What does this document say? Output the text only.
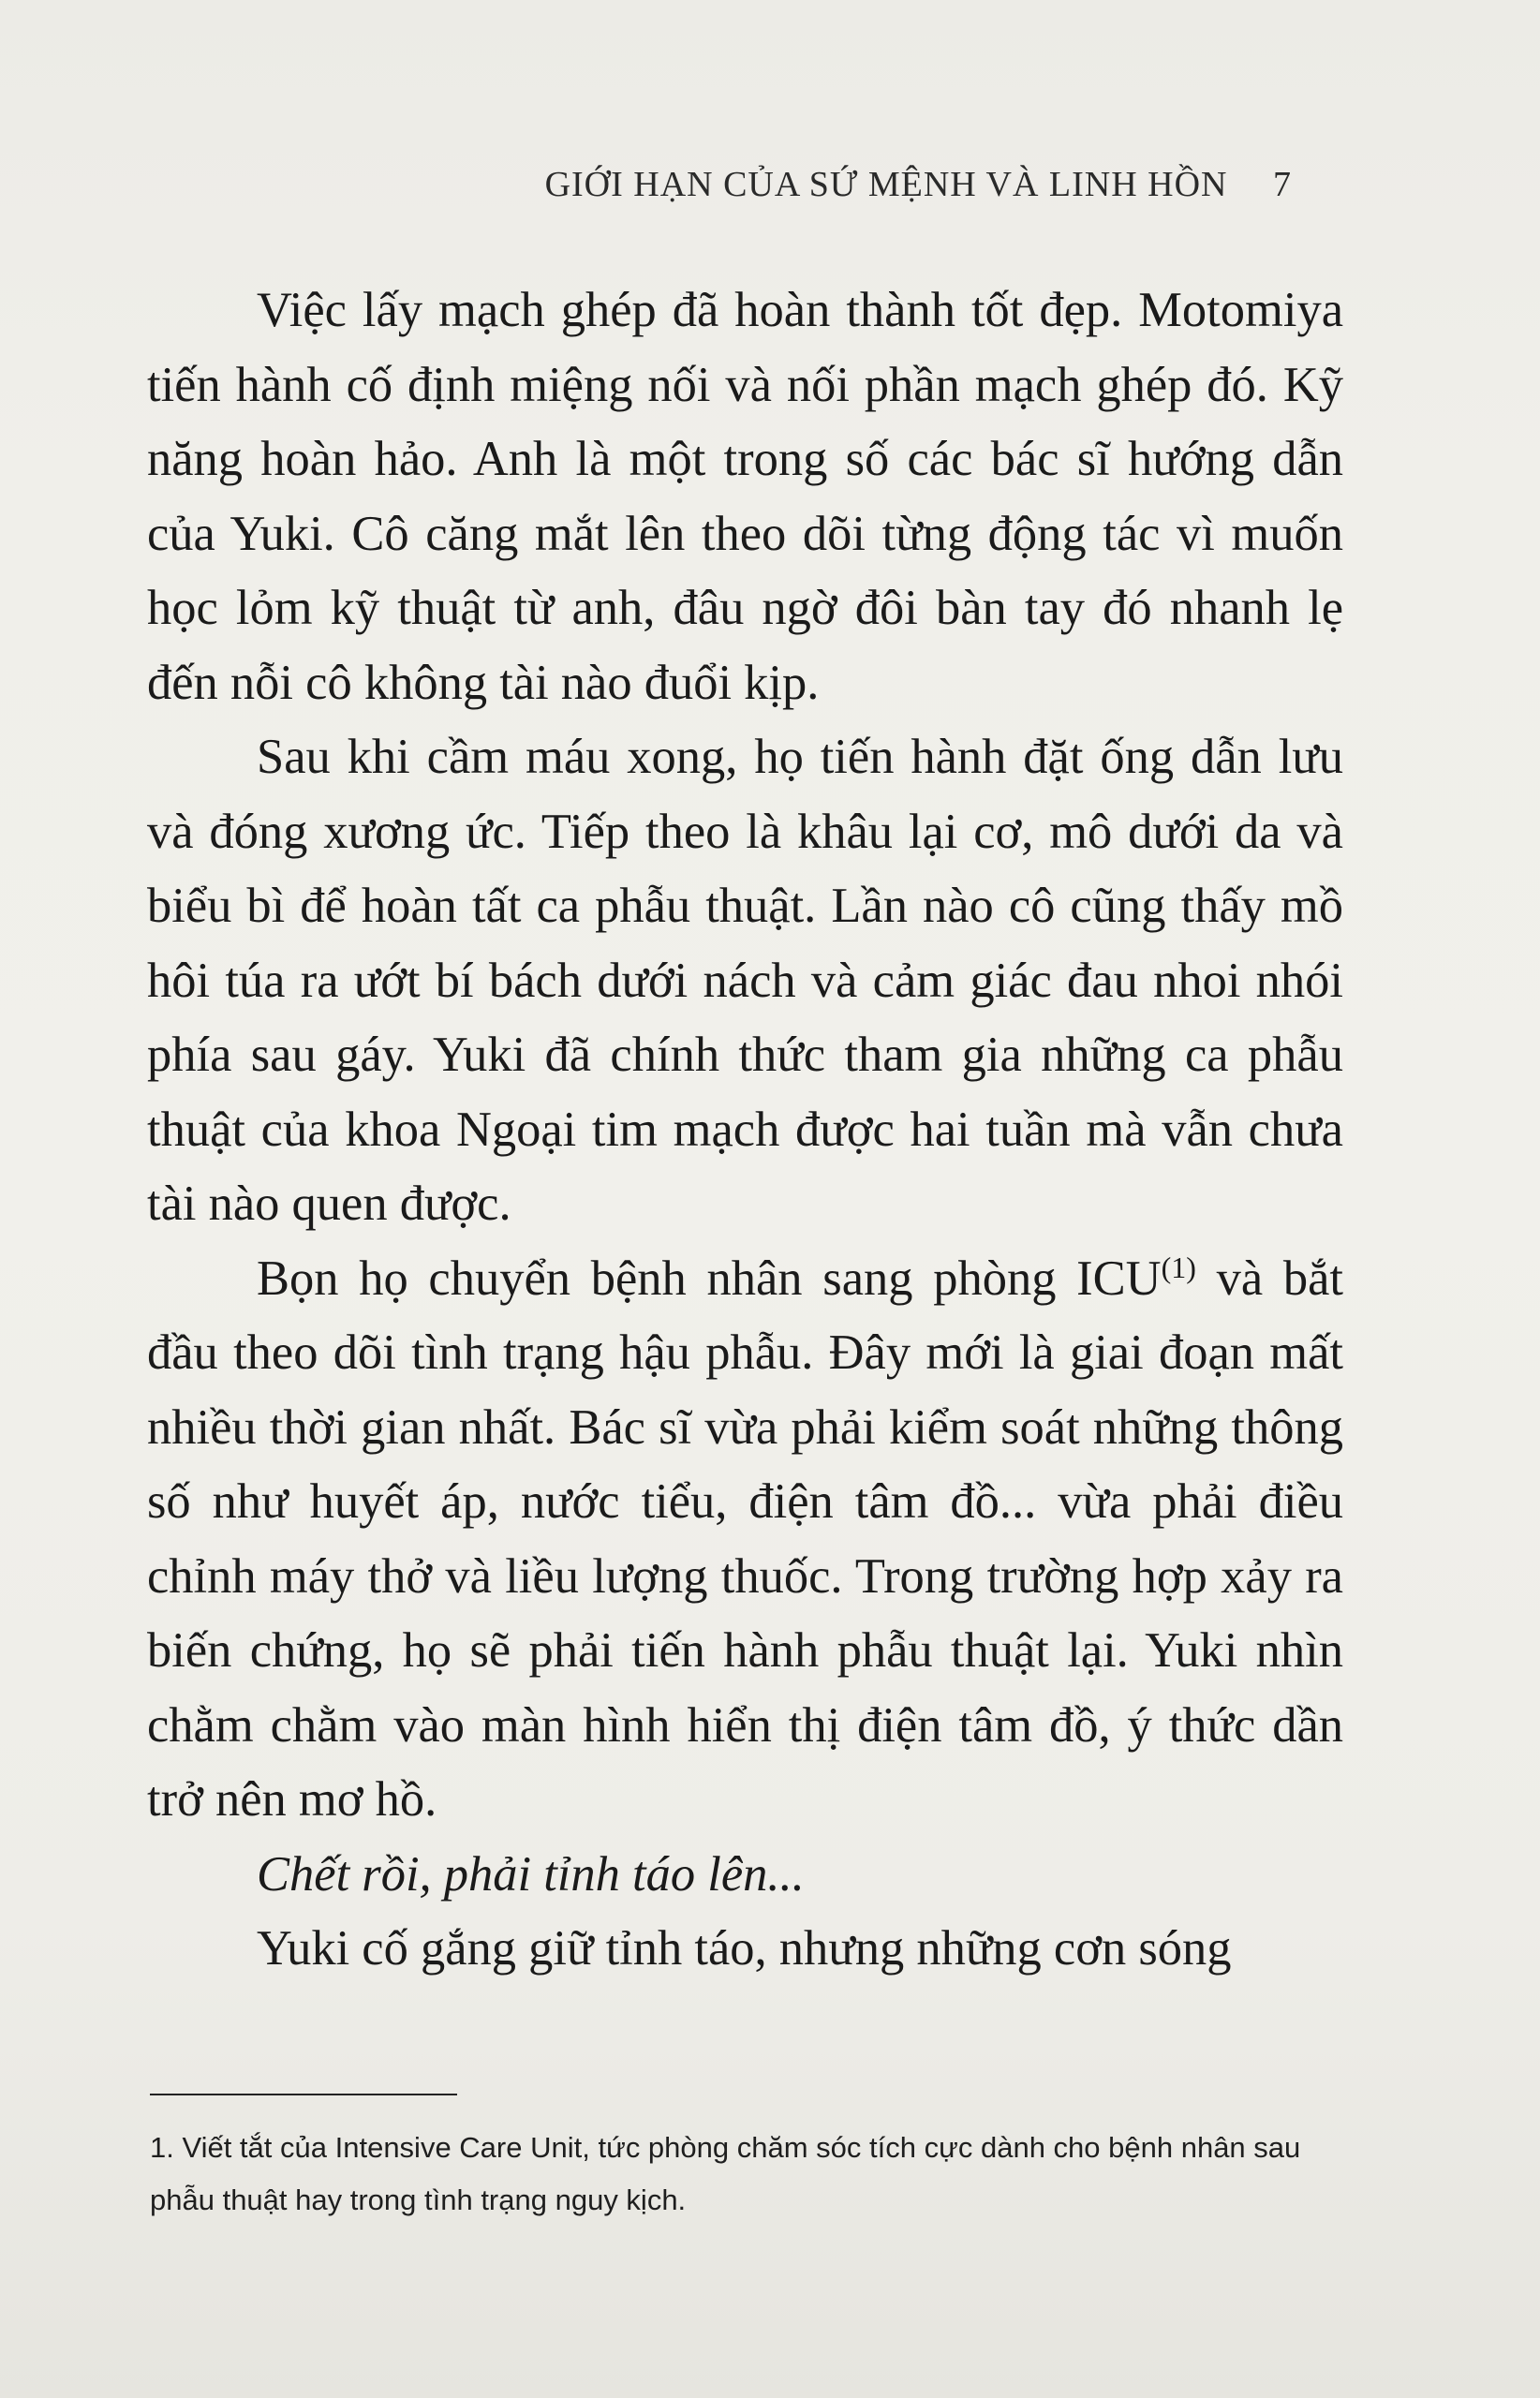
GIỚI HẠN CỦA SỨ MỆNH VÀ LINH HỒN 7

Việc lấy mạch ghép đã hoàn thành tốt đẹp. Motomiya tiến hành cố định miệng nối và nối phần mạch ghép đó. Kỹ năng hoàn hảo. Anh là một trong số các bác sĩ hướng dẫn của Yuki. Cô căng mắt lên theo dõi từng động tác vì muốn học lỏm kỹ thuật từ anh, đâu ngờ đôi bàn tay đó nhanh lẹ đến nỗi cô không tài nào đuổi kịp.

Sau khi cầm máu xong, họ tiến hành đặt ống dẫn lưu và đóng xương ức. Tiếp theo là khâu lại cơ, mô dưới da và biểu bì để hoàn tất ca phẫu thuật. Lần nào cô cũng thấy mồ hôi túa ra ướt bí bách dưới nách và cảm giác đau nhoi nhói phía sau gáy. Yuki đã chính thức tham gia những ca phẫu thuật của khoa Ngoại tim mạch được hai tuần mà vẫn chưa tài nào quen được.

Bọn họ chuyển bệnh nhân sang phòng ICU$^{(1)}$ và bắt đầu theo dõi tình trạng hậu phẫu. Đây mới là giai đoạn mất nhiều thời gian nhất. Bác sĩ vừa phải kiểm soát những thông số như huyết áp, nước tiểu, điện tâm đồ... vừa phải điều chỉnh máy thở và liều lượng thuốc. Trong trường hợp xảy ra biến chứng, họ sẽ phải tiến hành phẫu thuật lại. Yuki nhìn chằm chằm vào màn hình hiển thị điện tâm đồ, ý thức dần trở nên mơ hồ.

Chết rồi, phải tỉnh táo lên...

Yuki cố gắng giữ tỉnh táo, nhưng những cơn sóng

1. Viết tắt của Intensive Care Unit, tức phòng chăm sóc tích cực dành cho bệnh nhân sau phẫu thuật hay trong tình trạng nguy kịch.
